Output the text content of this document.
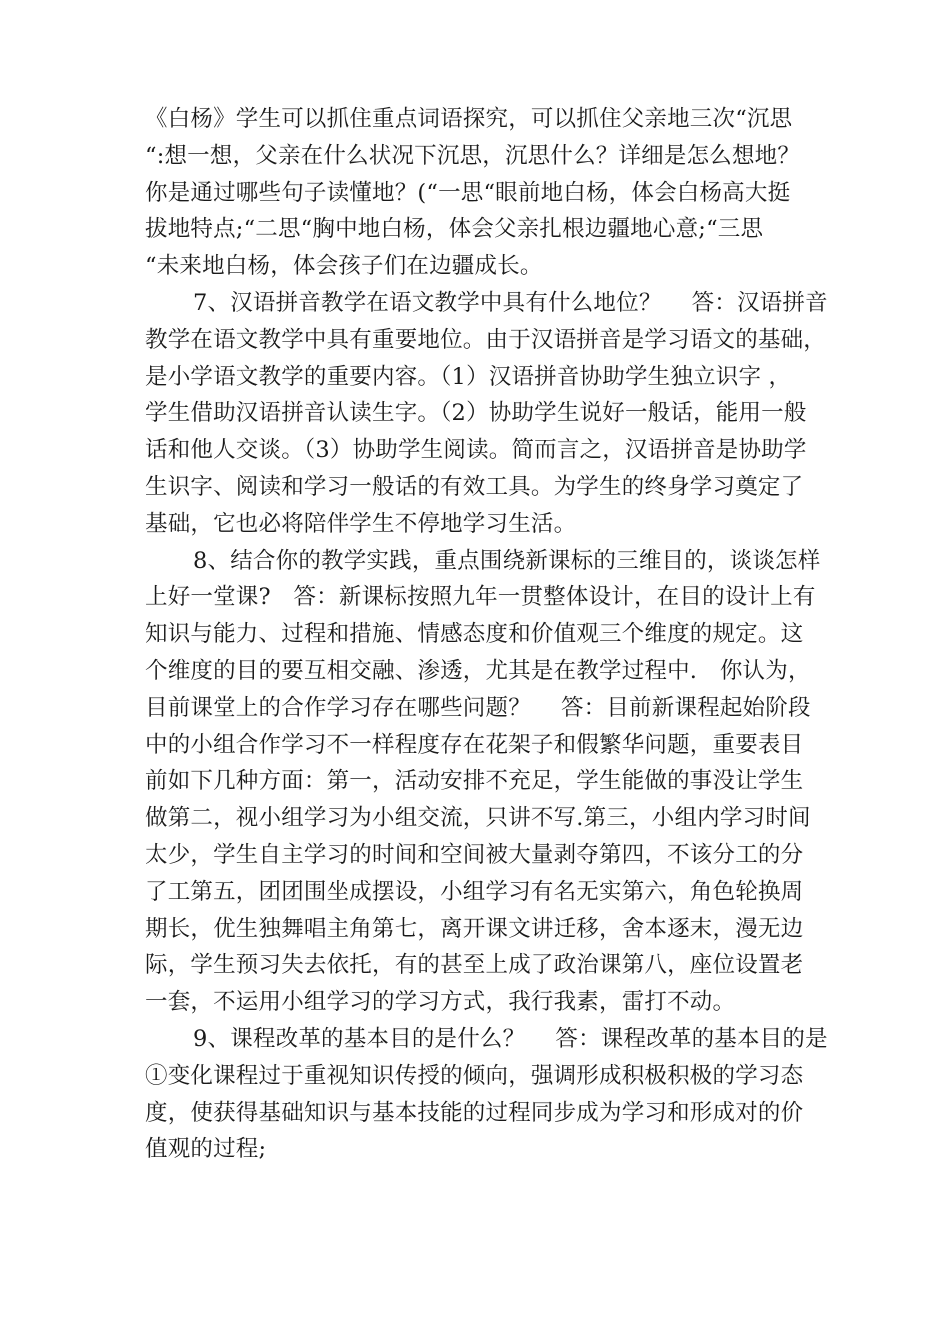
《白杨》学生可以抓住重点词语探究，可以抓住父亲地三次“沉思
“:想一想，父亲在什么状况下沉思，沉思什么？详细是怎么想地？
你是通过哪些句子读懂地？(“一思“眼前地白杨，体会白杨高大挺
拔地特点;“二思“胸中地白杨，体会父亲扎根边疆地心意;“三思
“未来地白杨，体会孩子们在边疆成长。
7、汉语拼音教学在语文教学中具有什么地位？　 答：汉语拼音
教学在语文教学中具有重要地位。由于汉语拼音是学习语文的基础，
是小学语文教学的重要内容。（1）汉语拼音协助学生独立识字 ，
学生借助汉语拼音认读生字。（2）协助学生说好一般话，能用一般
话和他人交谈。（3）协助学生阅读。简而言之，汉语拼音是协助学
生识字、阅读和学习一般话的有效工具。为学生的终身学习奠定了
基础，它也必将陪伴学生不停地学习生活。
8、结合你的教学实践，重点围绕新课标的三维目的，谈谈怎样
上好一堂课?　答：新课标按照九年一贯整体设计，在目的设计上有
知识与能力、过程和措施、情感态度和价值观三个维度的规定。这
个维度的目的要互相交融、渗透，尤其是在教学过程中.　你认为，
目前课堂上的合作学习存在哪些问题？　 答：目前新课程起始阶段
中的小组合作学习不一样程度存在花架子和假繁华问题，重要表目
前如下几种方面：第一，活动安排不充足，学生能做的事没让学生
做第二，视小组学习为小组交流，只讲不写.第三，小组内学习时间
太少，学生自主学习的时间和空间被大量剥夺第四，不该分工的分
了工第五，团团围坐成摆设，小组学习有名无实第六，角色轮换周
期长，优生独舞唱主角第七，离开课文讲迁移，舍本逐末，漫无边
际，学生预习失去依托，有的甚至上成了政治课第八，座位设置老
一套，不运用小组学习的学习方式，我行我素，雷打不动。
9、课程改革的基本目的是什么？　 答：课程改革的基本目的是
①变化课程过于重视知识传授的倾向，强调形成积极积极的学习态
度，使获得基础知识与基本技能的过程同步成为学习和形成对的价
值观的过程;
